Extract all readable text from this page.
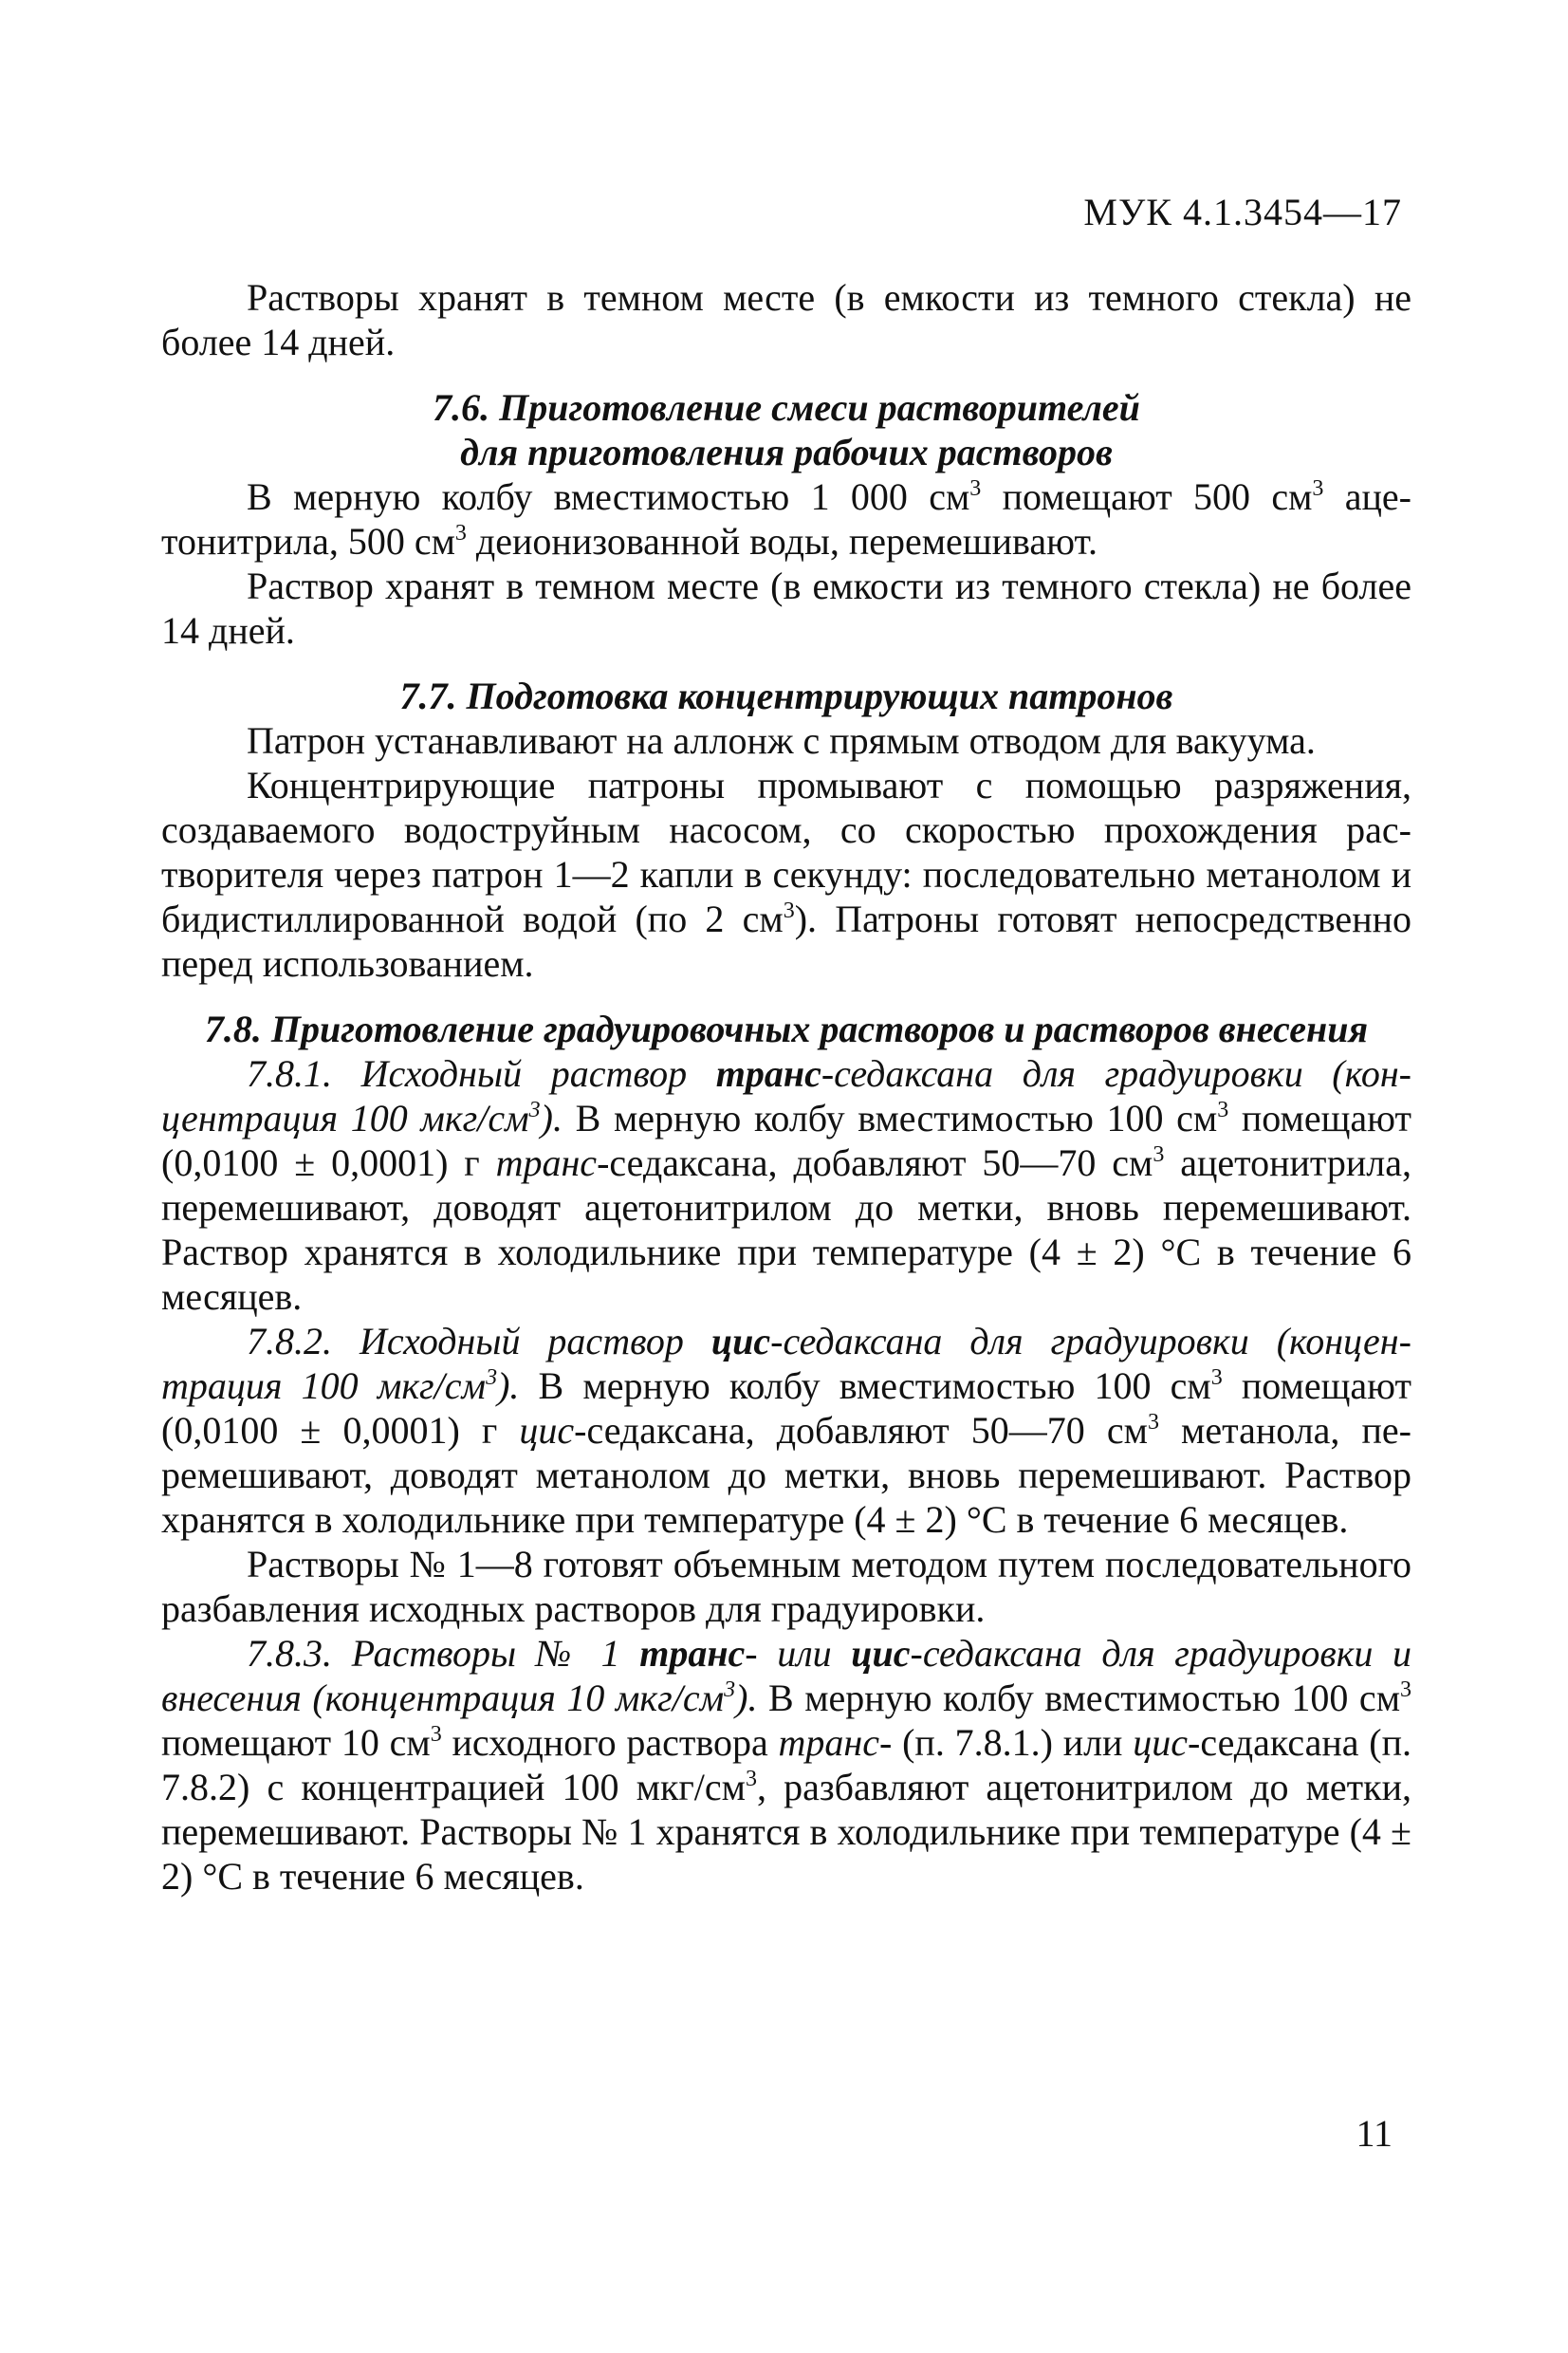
МУК 4.1.3454—17

Растворы хранят в темном месте (в емкости из темного стекла) не более 14 дней.

7.6. Приготовление смеси растворителей

для приготовления рабочих растворов

В мерную колбу вместимостью 1 000 $см^3$ помещают 500 $см^3$ ацетонитрила, 500 $см^3$ деионизованной воды, перемешивают.

Раствор хранят в темном месте (в емкости из темного стекла) не более 14 дней.

7.7. Подготовка концентрирующих патронов

Патрон устанавливают на аллонж с прямым отводом для вакуума.

Концентрирующие патроны промывают с помощью разряжения, создаваемого водоструйным насосом, со скоростью прохождения растворителя через патрон 1—2 капли в секунду: последовательно метанолом и бидистиллированной водой (по 2 $см^3$). Патроны готовят непосредственно перед использованием.

7.8. Приготовление градуировочных растворов и растворов внесения

7.8.1. Исходный раствор транс-седаксана для градуировки (концентрация 100 мкг/$см^3$). В мерную колбу вместимостью 100 $см^3$ помещают (0,0100 ± 0,0001) г транс-седаксана, добавляют 50—70 $см^3$ ацетонитрила, перемешивают, доводят ацетонитрилом до метки, вновь перемешивают. Раствор хранятся в холодильнике при температуре (4 ± 2) °С в течение 6 месяцев.

7.8.2. Исходный раствор цис-седаксана для градуировки (концентрация 100 мкг/$см^3$). В мерную колбу вместимостью 100 $см^3$ помещают (0,0100 ± 0,0001) г цис-седаксана, добавляют 50—70 $см^3$ метанола, перемешивают, доводят метанолом до метки, вновь перемешивают. Раствор хранятся в холодильнике при температуре (4 ± 2) °С в течение 6 месяцев.

Растворы № 1—8 готовят объемным методом путем последовательного разбавления исходных растворов для градуировки.

7.8.3. Растворы № 1 транс- или цис-седаксана для градуировки и внесения (концентрация 10 мкг/$см^3$). В мерную колбу вместимостью 100 $см^3$ помещают 10 $см^3$ исходного раствора транс- (п. 7.8.1.) или цис-седаксана (п. 7.8.2) с концентрацией 100 мкг/$см^3$, разбавляют ацетонитрилом до метки, перемешивают. Растворы № 1 хранятся в холодильнике при температуре (4 ± 2) °С в течение 6 месяцев.

11
